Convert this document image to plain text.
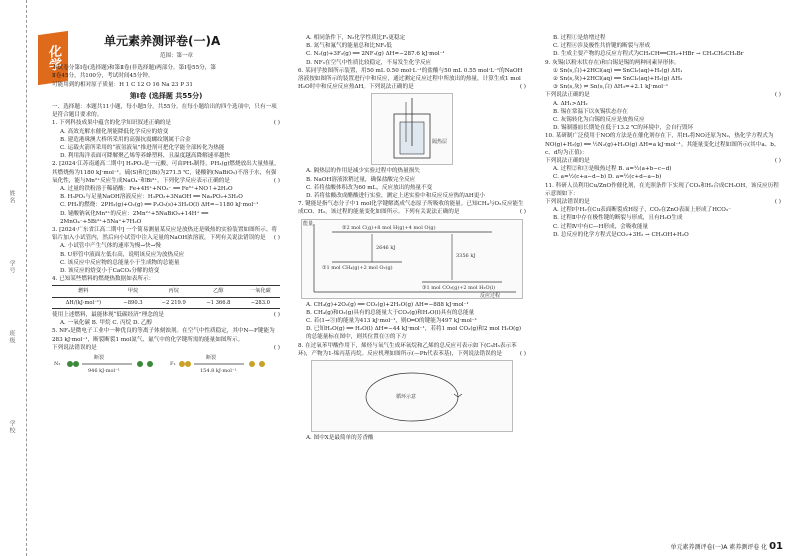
姓名
学号
班级
学校
化学
单元素养测评卷(一)A
范围：第一章

本试卷分第Ⅰ卷(选择题)和第Ⅱ卷(非选择题)两部分。第Ⅰ卷55分，第

Ⅱ卷45分，共100分，考试时间45分钟。

可能用到的相对原子质量：H 1 C 12 O 16 Na 23 P 31

第Ⅰ卷 (选择题 共55分)

一、选择题：本题共11小题，每小题5分，共55分。在每小题给出的四个选项中，只有一项是符合题目要求的。

1. 下列科技成果中蕴含的化学知识叙述正确的是	( )

A. 高效光解水催化剂能降低化学反应的焓变

B. 建造港珠澳大桥所采用的高强抗震螺纹钢属于合金

C. 运载火箭所采用的“液氢液氧”推进剂可把化学能全部转化为热能

D. 利用海洋表面可降解聚乙烯等养蜂塑料，且温度越高降解速率越快

2. [2024·江苏南通高二期中] H₃PO₂是一元酸，可由PH₃制得。PH₃(g)燃烧放出大量热量，其燃烧热为1180 kJ·mol⁻¹。硫(S)和它(Bi)为271.5 ℃，铋酸钠(NaBiO₃)不溶于水，有强氧化性，能与Mn²⁺反应生成NaO₄⁻和Bi³⁺。下列化学反应表示正确的是	( )

A. 过量的铁粉溶于稀硝酸：Fe+4H⁺+NO₃⁻ ══ Fe³⁺+NO↑+2H₂O

B. H₃PO₂与足量NaOH溶液反应：H₃PO₂+3NaOH ══ Na₃PO₂+3H₂O

C. PH₃的燃烧：2PH₃(g)+O₂(g) ══ P₂O₅(s)+3H₂O(l) ΔH=−1180 kJ·mol⁻¹

D. 铋酸钠氧化Mn²⁺的反应：2Mn²⁺+5NaBiO₃+14H⁺ ══ 2MnO₄⁻+5Bi³⁺+5Na⁺+7H₂O

3. [2024·广东省江高二期中] 一个简易测量某反应是放热还是吸热的实验装置如图所示。将铝片加入小试管内，然后向小试管中注入足量的NaOH浓溶液，下列有关说法错误的是 ( )

A. 小试管中产生气体的速率为慢→快→慢

B. U形管中液面左低右高，说明该反应为放热反应

C. 该反应中反应物的总能量小于生成物的总能量

D. 该反应的焓变小于CaCO₃分解的焓变

4. 已知某些燃料的燃烧热数据如表所示：

燃料	甲烷	丙烷	乙醇	一氧化碳
ΔH/(kJ·mol⁻¹)	−890.3	−2 219.9	−1 366.8	−283.0

使用上述燃料，最能体现“低碳经济”理念的是	( )

A. 一氧化碳 B. 甲烷 C. 丙烷 D. 乙醇

5. NF₃是微电子工业中一种优良的等离子体刻蚀剂。在空气中性质稳定，其中N—F键能为283 kJ·mol⁻¹，断裂断裂1 mol氮气、氟气中的化学键所需的能量如图所示。

下列说法错误的是	( )

N₂
断裂
946 kJ·mol⁻¹
F₂
断裂
154.8 kJ·mol⁻¹

A. 相同条件下，N₂化学性质比F₂更稳定

B. 氮气和氟气的能量总和比NF₃低

C. N₂(g)+3F₂(g) ══ 2NF₃(g) ΔH=−287.6 kJ·mol⁻¹

D. NF₃在空气中性质比较稳定，不易发生化学反应

6. 某同学按图所示装置，用50 mL 0.50 mol·L⁻¹的盐酸与50 mL 0.55 mol·L⁻¹的NaOH溶液按如图所示的装置进行中和反应，通过测定反应过程中所放出的热量，计算生成1 mol H₂O时中和反应反应热ΔH。下列说法正确的是	( )

隔热层

A. 隔热层的作用是减少实验过程中的热量损失

B. NaOH溶液浓稍过量，确保盐酸完全反应

C. 若将盐酸体积改为60 mL，反应放出的热量不变

D. 若将盐酸改成醋酸进行实验，测定上述实验中和反应反应热的ΔH更小

7. 键能是指气态分子中1 mol化学键解离成气态原子所吸收的能量。已知CH₄与O₂反应能生成CO、H₂，该过程的能量变化如图所示。下列有关说法正确的是	( )

能量
②2 mol C(g)+8 mol H(g)+4 mol O(g)
①1 mol CH₄(g)+2 mol O₂(g)
③1 mol CO₂(g)+2 mol H₂O(l)
2646 kJ
3356 kJ
反应过程

A. CH₄(g)+2O₂(g) ══ CO₂(g)+2H₂O(g) ΔH=−888 kJ·mol⁻¹

B. CH₄(g)和O₂(g)具有的总能量大于CO₂(g)和H₂O(l)具有的总能量

C. 若(1→③)的能量为413 kJ·mol⁻¹，则O═O的键能为497 kJ·mol⁻¹

D. 已知H₂O(g) ══ H₂O(l) ΔH=−44 kJ·mol⁻¹，若将1 mol CO₂(g)和2 mol H₂O(g)的总能量标在图中，则其位置在③的下方

8. 在过氧苯甲酸作用下，烯烃与氧气生成环氧烷和乙烯的总反应可表示如下(C₆H₅表示苯环)，产物为1-烯丙基丙烷。反应机理如图所示(—Ph代表苯基)，下列说法错误的是	( )

循环示意

A. 图中X是最简单的芳香酸

B. 过程①是焓增过程

C. 过程④涉及极性共价键的断裂与形成

D. 生成主要产物的总反应方程式为CH₃CH══CH₂+HBr → CH₃CH₂CH₂Br

9. 灰锡(以粉末状存在)和白锡是锡的两种同素异形体。

① Sn(s,白)+2HCl(aq) ══ SnCl₂(aq)+H₂(g) ΔH₁

② Sn(s,灰)+2HCl(aq) ══ SnCl₂(aq)+H₂(g) ΔH₂

③ Sn(s,灰) ⇌ Sn(s,白) ΔH₃=+2.1 kJ·mol⁻¹

下列说法正确的是	( )

A. ΔH₁>ΔH₂

B. 锡在常温下以灰锡状态存在

C. 灰锡转化为白锡的反应是放热反应

D. 锡制器皿长期处在低于13.2 ℃的环境中，会自行毁坏

10. 某研制广泛使用于NO的方法是在催化剂存在下，用H₂将NO还原为N₂，热化学方程式为NO(g)+H₂(g) ══ ½N₂(g)+H₂O(g) ΔH=a kJ·mol⁻¹。其能量变化过程如图所示(其中a、b、c、d均为正值)：

下列说法正确的是	( )

A. 过程②和③是吸热过程 B. a=½(a+b−c−d)

C. a=½(c+a−d−b) D. a=½(c+d−a−b)

11. 科研人员利用Cu/ZnO作催化剂，在光照条件下实现了CO₂和H₂合成CH₃OH，该反应历程示意图如下：

下列说法错误的是	( )

A. 过程Ⅰ中H₂在Cu表面断裂成H原子，CO₂在ZnO表面上形成了HCO₃⁻

B. 过程Ⅱ中存在极性键的断裂与形成，且有H₂O生成

C. 过程Ⅳ中有C—H形成，会吸收能量

D. 总反应的化学方程式是CO₂+3H₂ → CH₃OH+H₂O

单元素养测评卷(一)A 素养测评卷 化 01
